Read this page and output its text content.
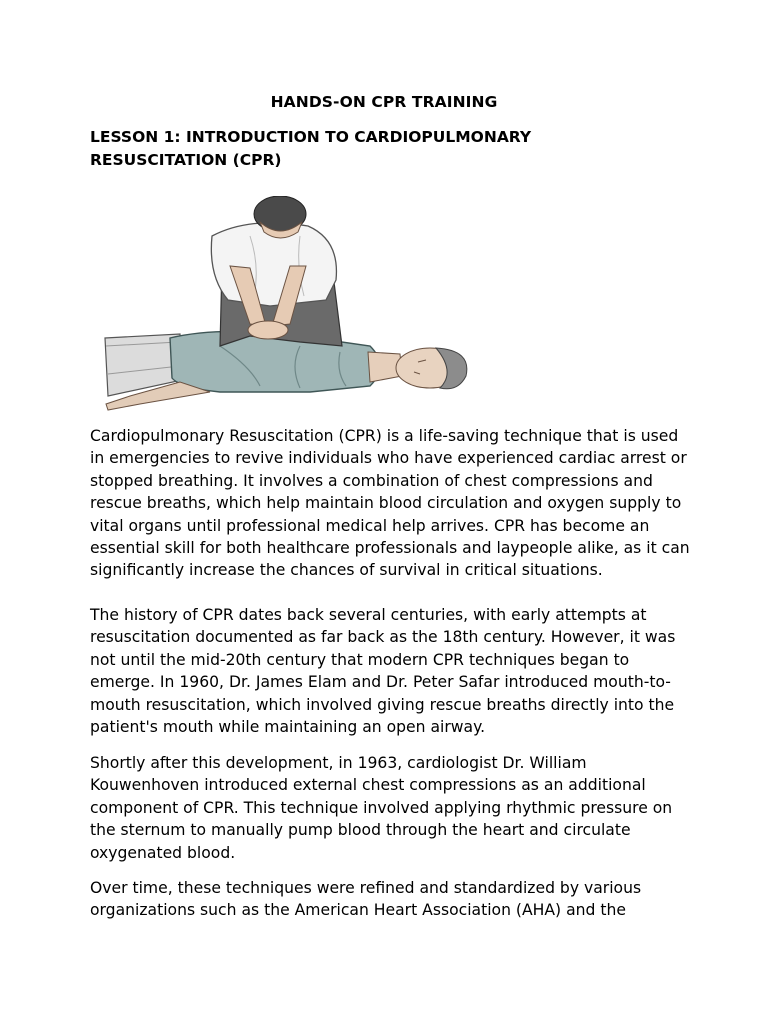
HANDS-ON CPR TRAINING
LESSON 1: INTRODUCTION TO CARDIOPULMONARY RESUSCITATION (CPR)

Cardiopulmonary Resuscitation (CPR) is a life-saving technique that is used in emergencies to revive individuals who have experienced cardiac arrest or stopped breathing. It involves a combination of chest compressions and rescue breaths, which help maintain blood circulation and oxygen supply to vital organs until professional medical help arrives. CPR has become an essential skill for both healthcare professionals and laypeople alike, as it can significantly increase the chances of survival in critical situations.

The history of CPR dates back several centuries, with early attempts at resuscitation documented as far back as the 18th century. However, it was not until the mid-20th century that modern CPR techniques began to emerge. In 1960, Dr. James Elam and Dr. Peter Safar introduced mouth-to-mouth resuscitation, which involved giving rescue breaths directly into the patient's mouth while maintaining an open airway.

Shortly after this development, in 1963, cardiologist Dr. William Kouwenhoven introduced external chest compressions as an additional component of CPR. This technique involved applying rhythmic pressure on the sternum to manually pump blood through the heart and circulate oxygenated blood.

Over time, these techniques were refined and standardized by various organizations such as the American Heart Association (AHA) and the
